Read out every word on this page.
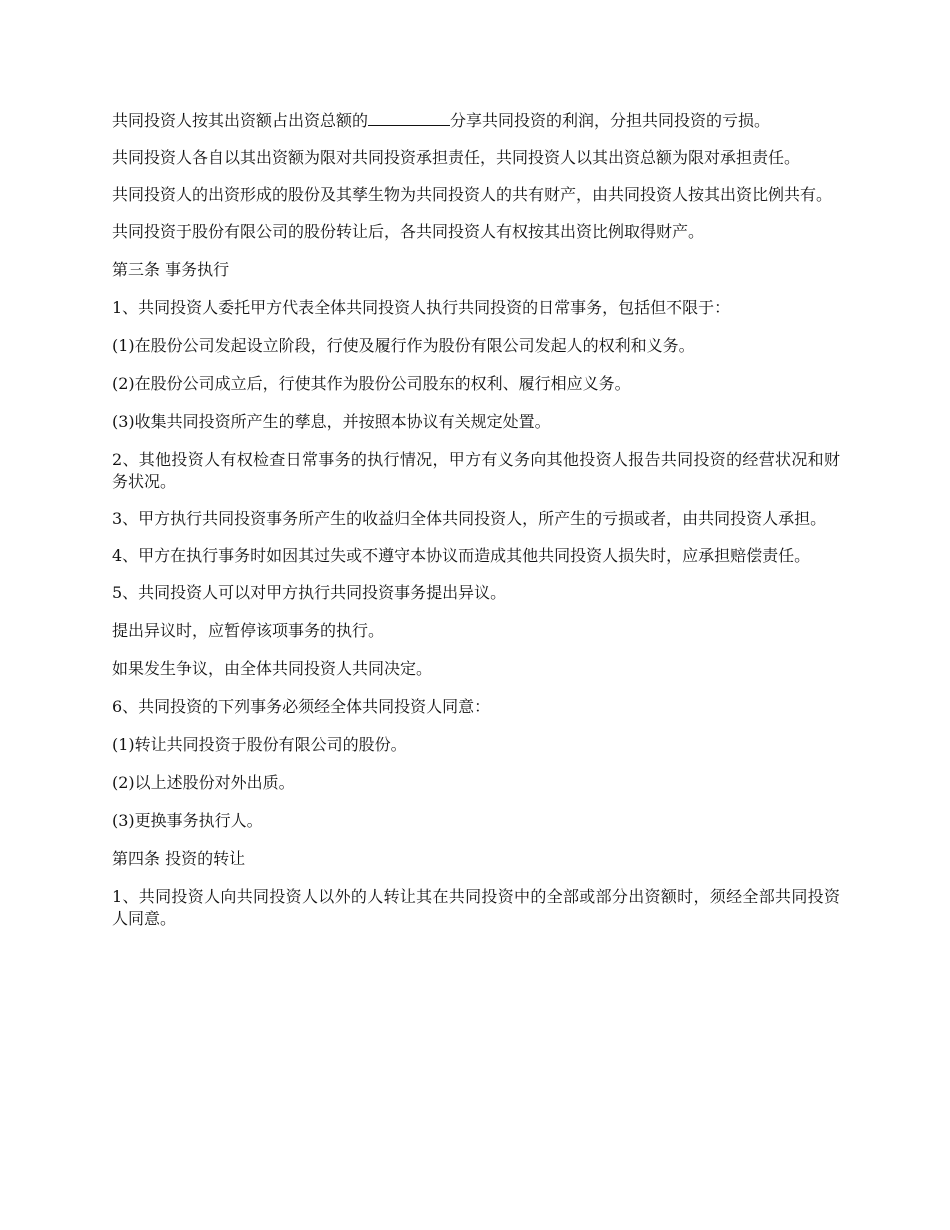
共同投资人按其出资额占出资总额的	分享共同投资的利润，分担共同投资的亏损。

共同投资人各自以其出资额为限对共同投资承担责任，共同投资人以其出资总额为限对承担责任。

共同投资人的出资形成的股份及其孳生物为共同投资人的共有财产，由共同投资人按其出资比例共有。

共同投资于股份有限公司的股份转让后，各共同投资人有权按其出资比例取得财产。

第三条 事务执行

1、共同投资人委托甲方代表全体共同投资人执行共同投资的日常事务，包括但不限于：

(1)在股份公司发起设立阶段，行使及履行作为股份有限公司发起人的权利和义务。

(2)在股份公司成立后，行使其作为股份公司股东的权利、履行相应义务。

(3)收集共同投资所产生的孳息，并按照本协议有关规定处置。

2、其他投资人有权检查日常事务的执行情况，甲方有义务向其他投资人报告共同投资的经营状况和财务状况。

3、甲方执行共同投资事务所产生的收益归全体共同投资人，所产生的亏损或者，由共同投资人承担。

4、甲方在执行事务时如因其过失或不遵守本协议而造成其他共同投资人损失时，应承担赔偿责任。

5、共同投资人可以对甲方执行共同投资事务提出异议。

提出异议时，应暂停该项事务的执行。

如果发生争议，由全体共同投资人共同决定。

6、共同投资的下列事务必须经全体共同投资人同意：

(1)转让共同投资于股份有限公司的股份。

(2)以上述股份对外出质。

(3)更换事务执行人。

第四条 投资的转让

1、共同投资人向共同投资人以外的人转让其在共同投资中的全部或部分出资额时，须经全部共同投资人同意。
